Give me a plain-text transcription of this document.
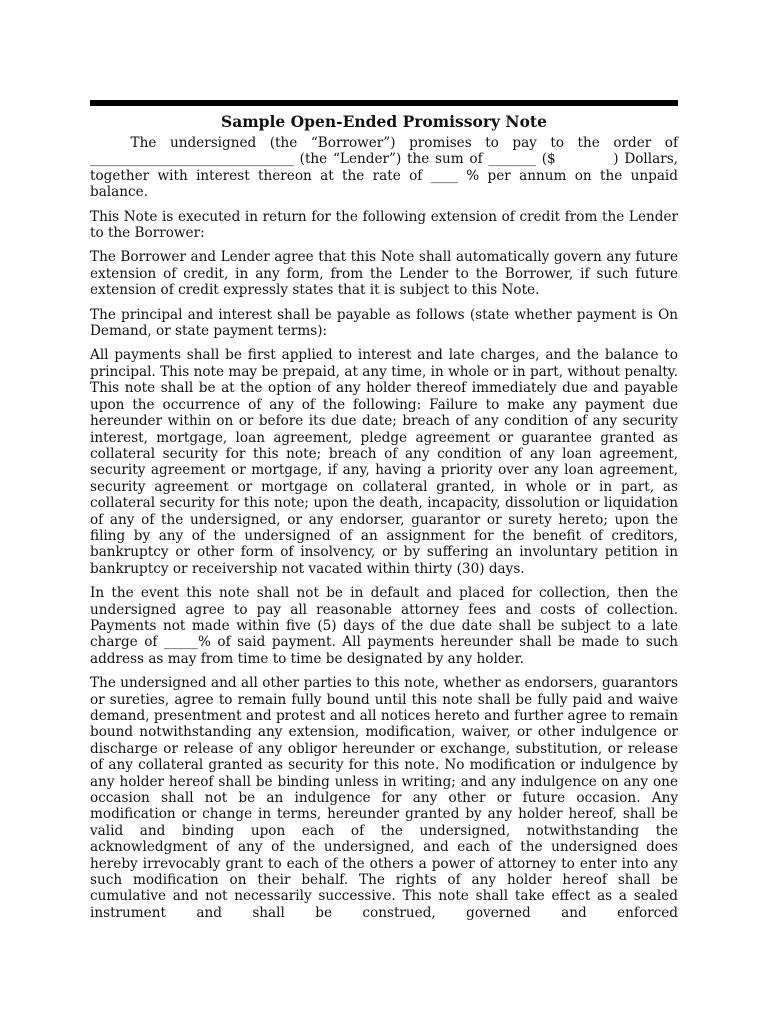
Sample Open-Ended Promissory Note

The undersigned (the “Borrower”) promises to pay to the order of ______________________________ (the “Lender”) the sum of _______ ($          ) Dollars, together with interest thereon at the rate of ____ % per annum on the unpaid balance.

This Note is executed in return for the following extension of credit from the Lender to the Borrower:

The Borrower and Lender agree that this Note shall automatically govern any future extension of credit, in any form, from the Lender to the Borrower, if such future extension of credit expressly states that it is subject to this Note.

The principal and interest shall be payable as follows (state whether payment is On Demand, or state payment terms):

All payments shall be first applied to interest and late charges, and the balance to principal. This note may be prepaid, at any time, in whole or in part, without penalty. This note shall be at the option of any holder thereof immediately due and payable upon the occurrence of any of the following: Failure to make any payment due hereunder within on or before its due date; breach of any condition of any security interest, mortgage, loan agreement, pledge agreement or guarantee granted as collateral security for this note; breach of any condition of any loan agreement, security agreement or mortgage, if any, having a priority over any loan agreement, security agreement or mortgage on collateral granted, in whole or in part, as collateral security for this note; upon the death, incapacity, dissolution or liquidation of any of the undersigned, or any endorser, guarantor or surety hereto; upon the filing by any of the undersigned of an assignment for the benefit of creditors, bankruptcy or other form of insolvency, or by suffering an involuntary petition in bankruptcy or receivership not vacated within thirty (30) days.

In the event this note shall not be in default and placed for collection, then the undersigned agree to pay all reasonable attorney fees and costs of collection. Payments not made within five (5) days of the due date shall be subject to a late charge of _____% of said payment. All payments hereunder shall be made to such address as may from time to time be designated by any holder.

The undersigned and all other parties to this note, whether as endorsers, guarantors or sureties, agree to remain fully bound until this note shall be fully paid and waive demand, presentment and protest and all notices hereto and further agree to remain bound notwithstanding any extension, modification, waiver, or other indulgence or discharge or release of any obligor hereunder or exchange, substitution, or release of any collateral granted as security for this note. No modification or indulgence by any holder hereof shall be binding unless in writing; and any indulgence on any one occasion shall not be an indulgence for any other or future occasion. Any modification or change in terms, hereunder granted by any holder hereof, shall be valid and binding upon each of the undersigned, notwithstanding the acknowledgment of any of the undersigned, and each of the undersigned does hereby irrevocably grant to each of the others a power of attorney to enter into any such modification on their behalf. The rights of any holder hereof shall be cumulative and not necessarily successive. This note shall take effect as a sealed instrument and shall be construed, governed and enforced
